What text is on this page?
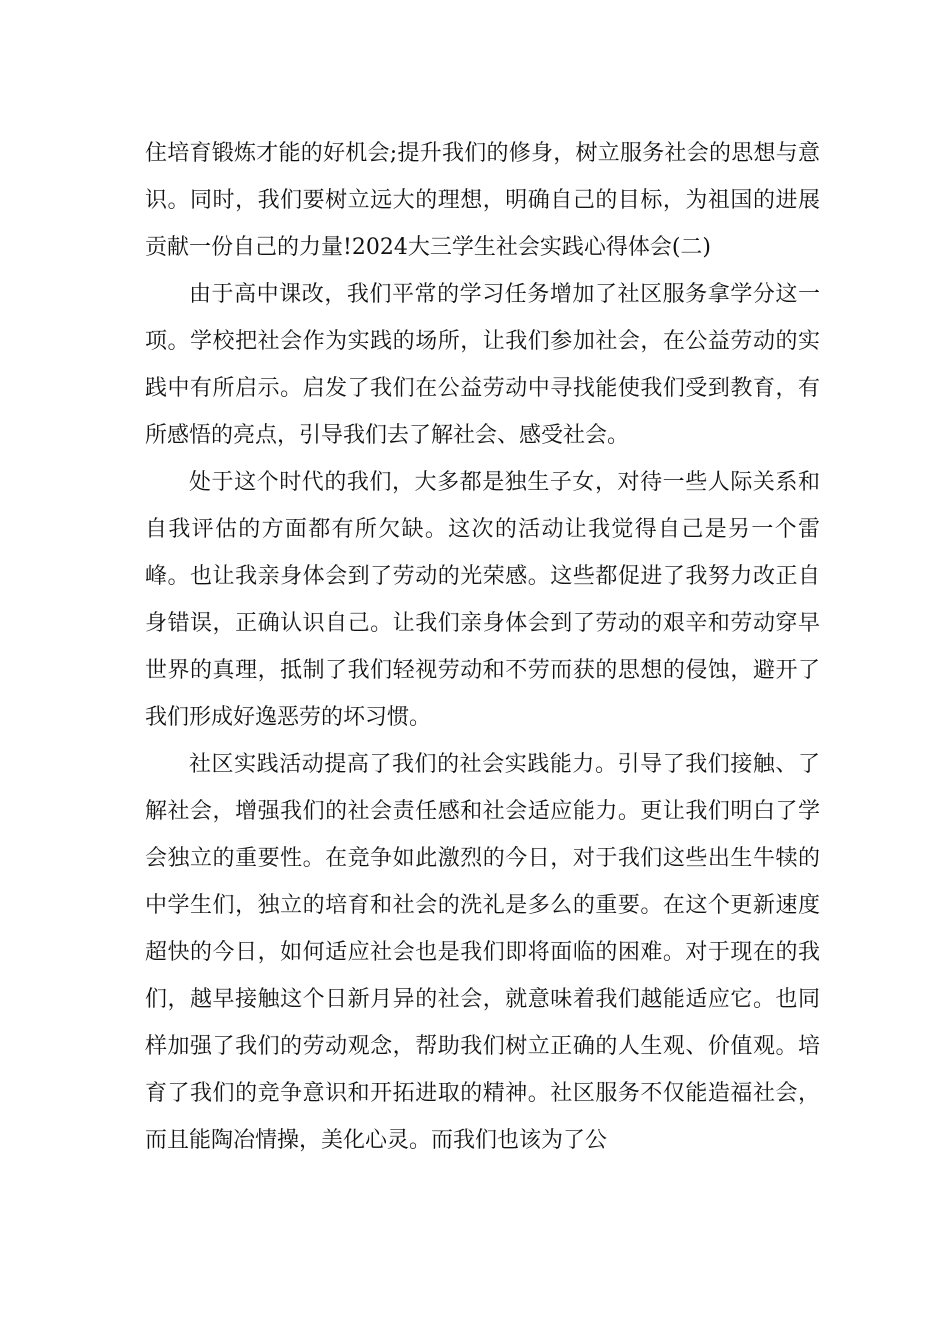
住培育锻炼才能的好机会;提升我们的修身，树立服务社会的思想与意识。同时，我们要树立远大的理想，明确自己的目标，为祖国的进展贡献一份自己的力量!2024大三学生社会实践心得体会(二)

由于高中课改，我们平常的学习任务增加了社区服务拿学分这一项。学校把社会作为实践的场所，让我们参加社会，在公益劳动的实践中有所启示。启发了我们在公益劳动中寻找能使我们受到教育，有所感悟的亮点，引导我们去了解社会、感受社会。

处于这个时代的我们，大多都是独生子女，对待一些人际关系和自我评估的方面都有所欠缺。这次的活动让我觉得自己是另一个雷峰。也让我亲身体会到了劳动的光荣感。这些都促进了我努力改正自身错误，正确认识自己。让我们亲身体会到了劳动的艰辛和劳动穿早世界的真理，抵制了我们轻视劳动和不劳而获的思想的侵蚀，避开了我们形成好逸恶劳的坏习惯。

社区实践活动提高了我们的社会实践能力。引导了我们接触、了解社会，增强我们的社会责任感和社会适应能力。更让我们明白了学会独立的重要性。在竞争如此激烈的今日，对于我们这些出生牛犊的中学生们，独立的培育和社会的洗礼是多么的重要。在这个更新速度超快的今日，如何适应社会也是我们即将面临的困难。对于现在的我们，越早接触这个日新月异的社会，就意味着我们越能适应它。也同样加强了我们的劳动观念，帮助我们树立正确的人生观、价值观。培育了我们的竞争意识和开拓进取的精神。社区服务不仅能造福社会，而且能陶冶情操，美化心灵。而我们也该为了公
